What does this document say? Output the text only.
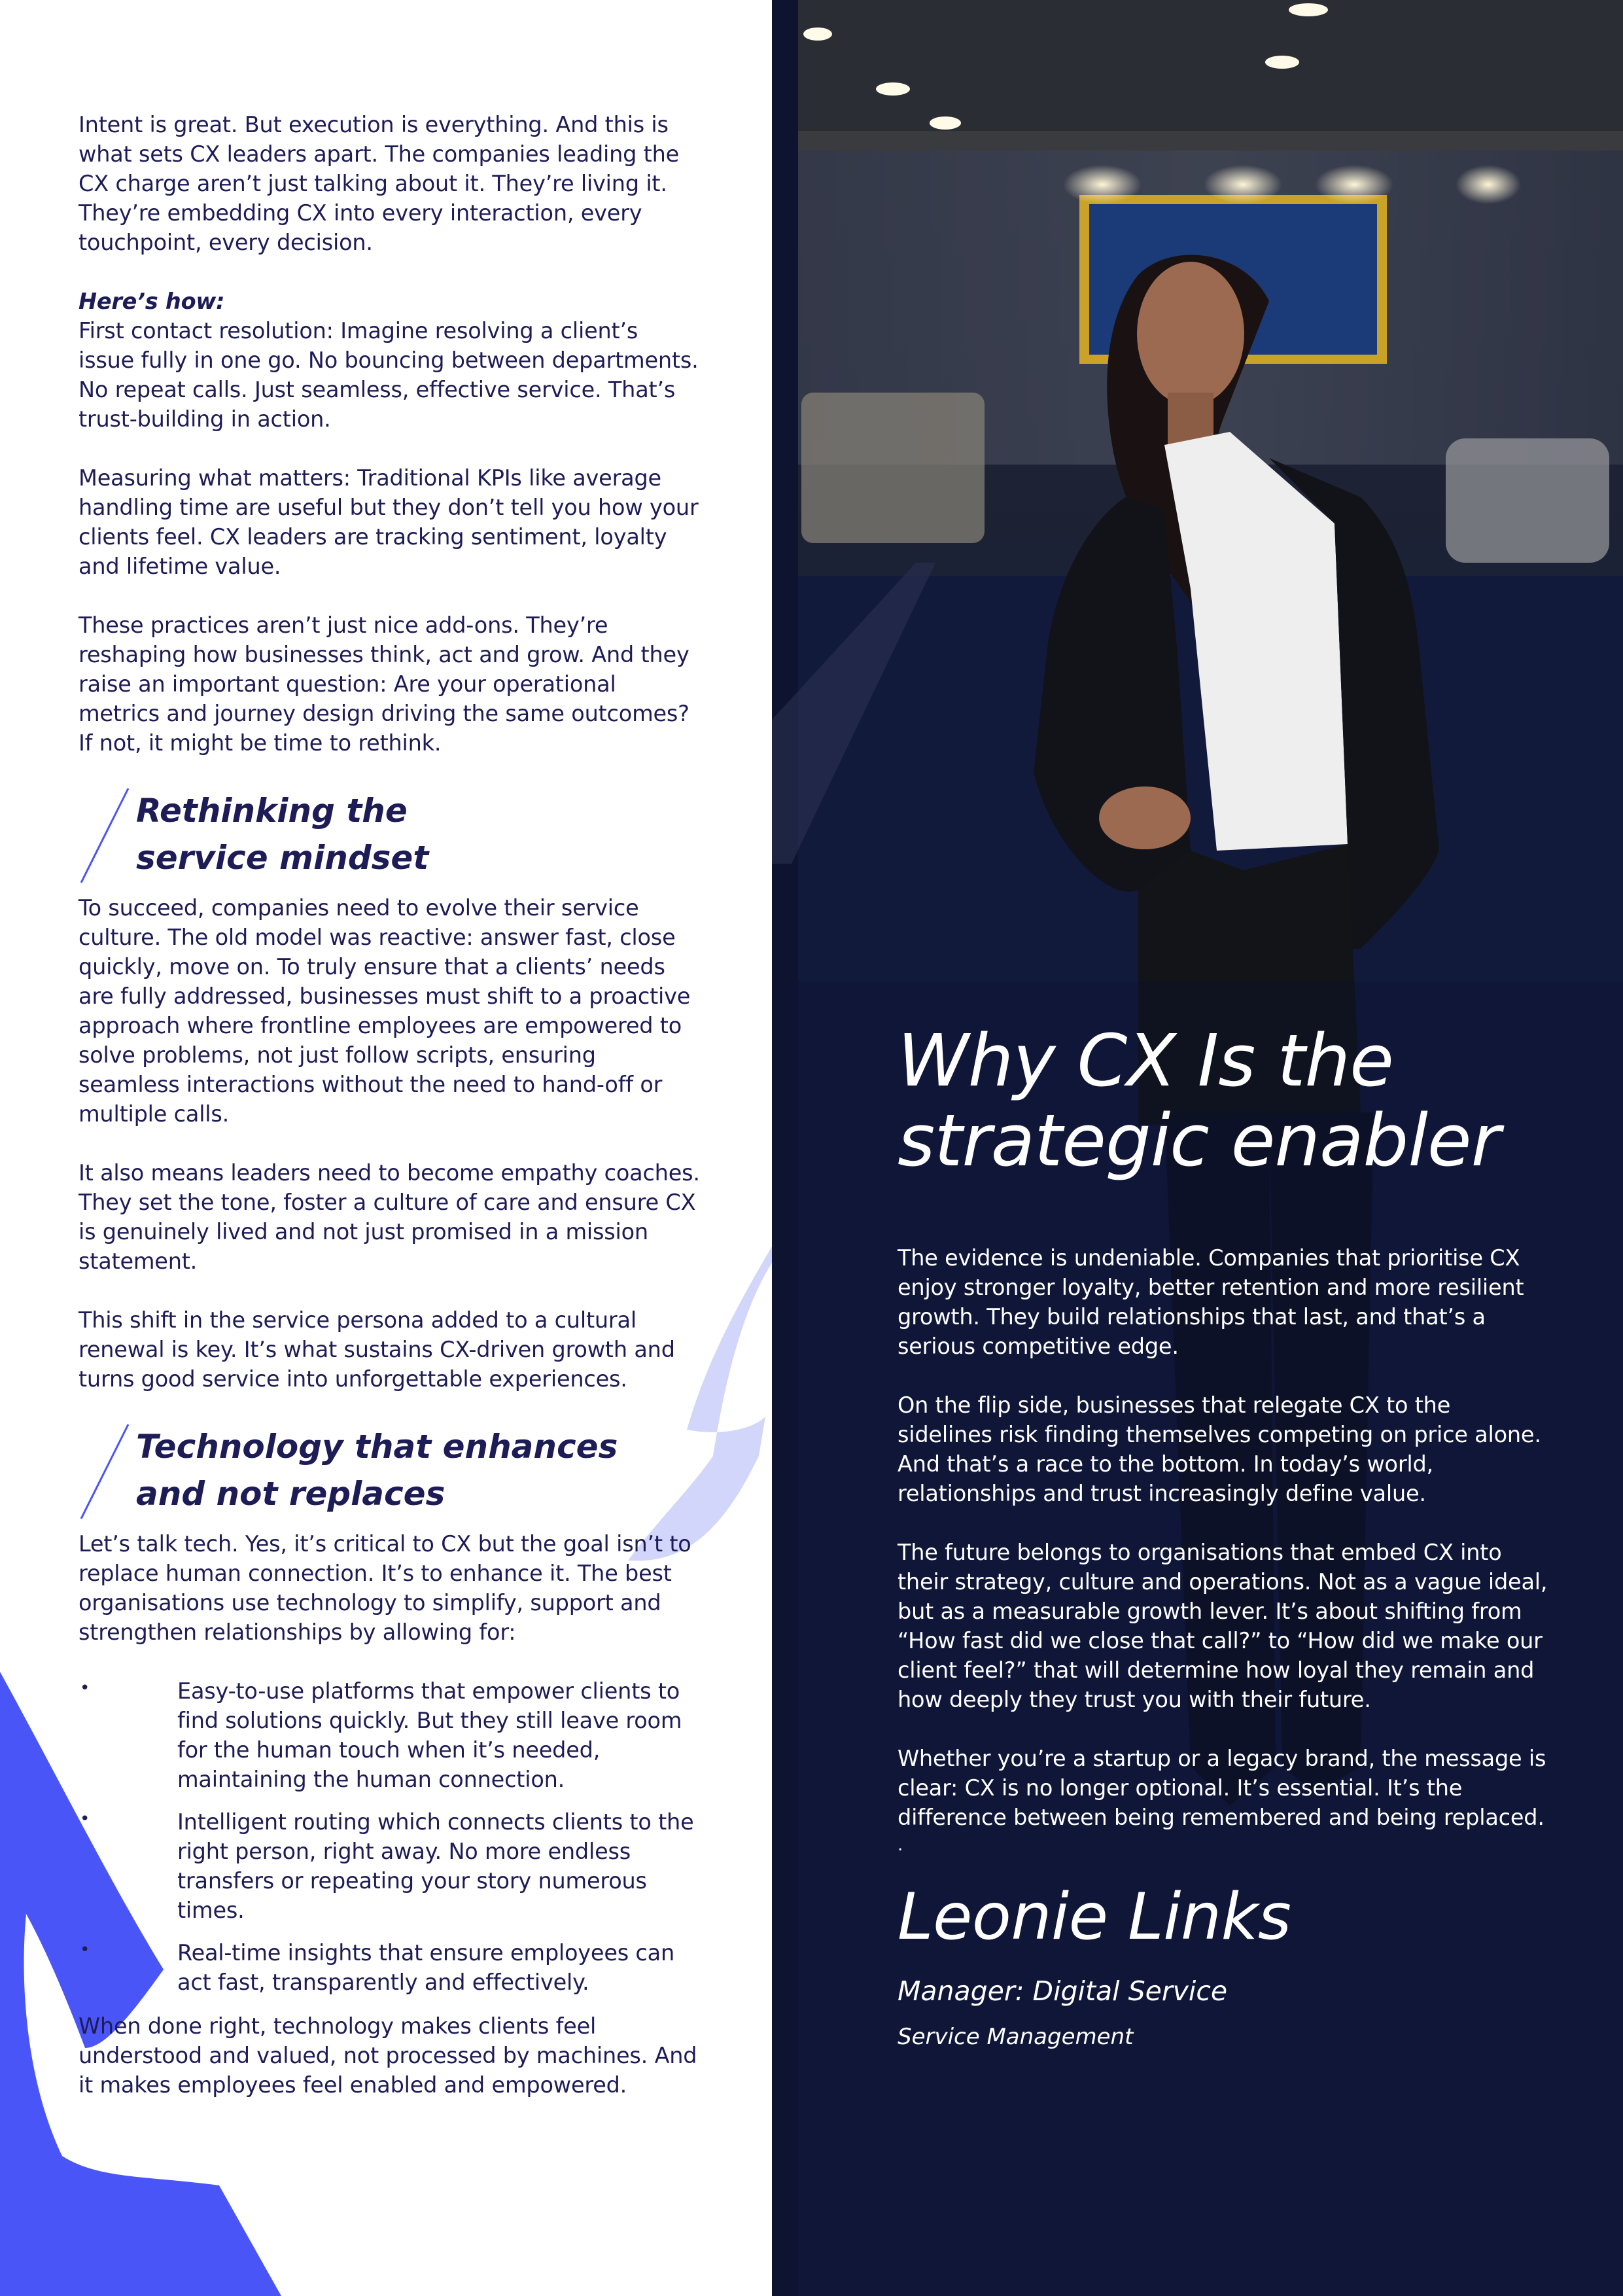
Intent is great. But execution is everything. And this is what sets CX leaders apart. The companies leading the CX charge aren’t just talking about it. They’re living it. They’re embedding CX into every interaction, every touchpoint, every decision.

Here’s how:
First contact resolution: Imagine resolving a client’s issue fully in one go. No bouncing between departments. No repeat calls. Just seamless, effective service. That’s trust-building in action.

Measuring what matters: Traditional KPIs like average handling time are useful but they don’t tell you how your clients feel. CX leaders are tracking sentiment, loyalty and lifetime value.

These practices aren’t just nice add-ons. They’re reshaping how businesses think, act and grow. And they raise an important question: Are your operational metrics and journey design driving the same outcomes? If not, it might be time to rethink.

Rethinking the
service mindset

To succeed, companies need to evolve their service culture. The old model was reactive: answer fast, close quickly, move on. To truly ensure that a clients’ needs are fully addressed, businesses must shift to a proactive approach where frontline employees are empowered to solve problems, not just follow scripts, ensuring seamless interactions without the need to hand-off or multiple calls.

It also means leaders need to become empathy coaches. They set the tone, foster a culture of care and ensure CX is genuinely lived and not just promised in a mission statement.

This shift in the service persona added to a cultural renewal is key. It’s what sustains CX-driven growth and turns good service into unforgettable experiences.

Technology that enhances
and not replaces

Let’s talk tech. Yes, it’s critical to CX but the goal isn’t to replace human connection. It’s to enhance it. The best organisations use technology to simplify, support and strengthen relationships by allowing for:

•	Easy-to-use platforms that empower clients to find solutions quickly. But they still leave room for the human touch when it’s needed, maintaining the human connection.
•	Intelligent routing which connects clients to the right person, right away. No more endless transfers or repeating your story numerous times.
•	Real-time insights that ensure employees can act fast, transparently and effectively.

When done right, technology makes clients feel understood and valued, not processed by machines. And it makes employees feel enabled and empowered.

Why CX Is the
strategic enabler

The evidence is undeniable. Companies that prioritise CX enjoy stronger loyalty, better retention and more resilient growth. They build relationships that last, and that’s a serious competitive edge.

On the flip side, businesses that relegate CX to the sidelines risk finding themselves competing on price alone. And that’s a race to the bottom. In today’s world, relationships and trust increasingly define value.

The future belongs to organisations that embed CX into their strategy, culture and operations. Not as a vague ideal, but as a measurable growth lever. It’s about shifting from “How fast did we close that call?” to “How did we make our client feel?” that will determine how loyal they remain and how deeply they trust you with their future.

Whether you’re a startup or a legacy brand, the message is clear: CX is no longer optional. It’s essential. It’s the difference between being remembered and being replaced.

.

Leonie Links
Manager: Digital Service
Service Management
